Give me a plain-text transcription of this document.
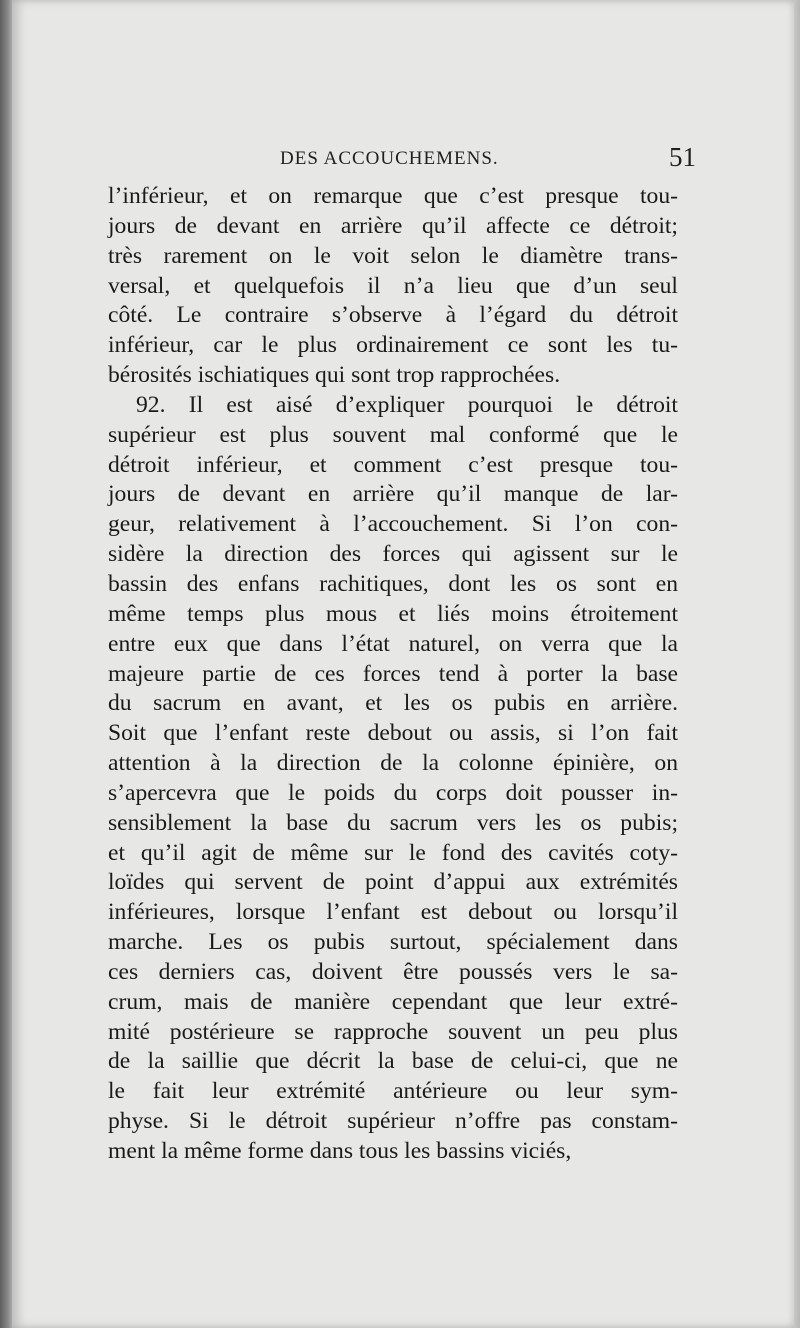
DES ACCOUCHEMENS.	51
l’inférieur, et on remarque que c’est presque tou-
jours de devant en arrière qu’il affecte ce détroit;
très rarement on le voit selon le diamètre trans-
versal, et quelquefois il n’a lieu que d’un seul
côté. Le contraire s’observe à l’égard du détroit
inférieur, car le plus ordinairement ce sont les tu-
bérosités ischiatiques qui sont trop rapprochées.
92. Il est aisé d’expliquer pourquoi le détroit
supérieur est plus souvent mal conformé que le
détroit inférieur, et comment c’est presque tou-
jours de devant en arrière qu’il manque de lar-
geur, relativement à l’accouchement. Si l’on con-
sidère la direction des forces qui agissent sur le
bassin des enfans rachitiques, dont les os sont en
même temps plus mous et liés moins étroitement
entre eux que dans l’état naturel, on verra que la
majeure partie de ces forces tend à porter la base
du sacrum en avant, et les os pubis en arrière.
Soit que l’enfant reste debout ou assis, si l’on fait
attention à la direction de la colonne épinière, on
s’apercevra que le poids du corps doit pousser in-
sensiblement la base du sacrum vers les os pubis;
et qu’il agit de même sur le fond des cavités coty-
loïdes qui servent de point d’appui aux extrémités
inférieures, lorsque l’enfant est debout ou lorsqu’il
marche. Les os pubis surtout, spécialement dans
ces derniers cas, doivent être poussés vers le sa-
crum, mais de manière cependant que leur extré-
mité postérieure se rapproche souvent un peu plus
de la saillie que décrit la base de celui-ci, que ne
le fait leur extrémité antérieure ou leur sym-
physe. Si le détroit supérieur n’offre pas constam-
ment la même forme dans tous les bassins viciés,
